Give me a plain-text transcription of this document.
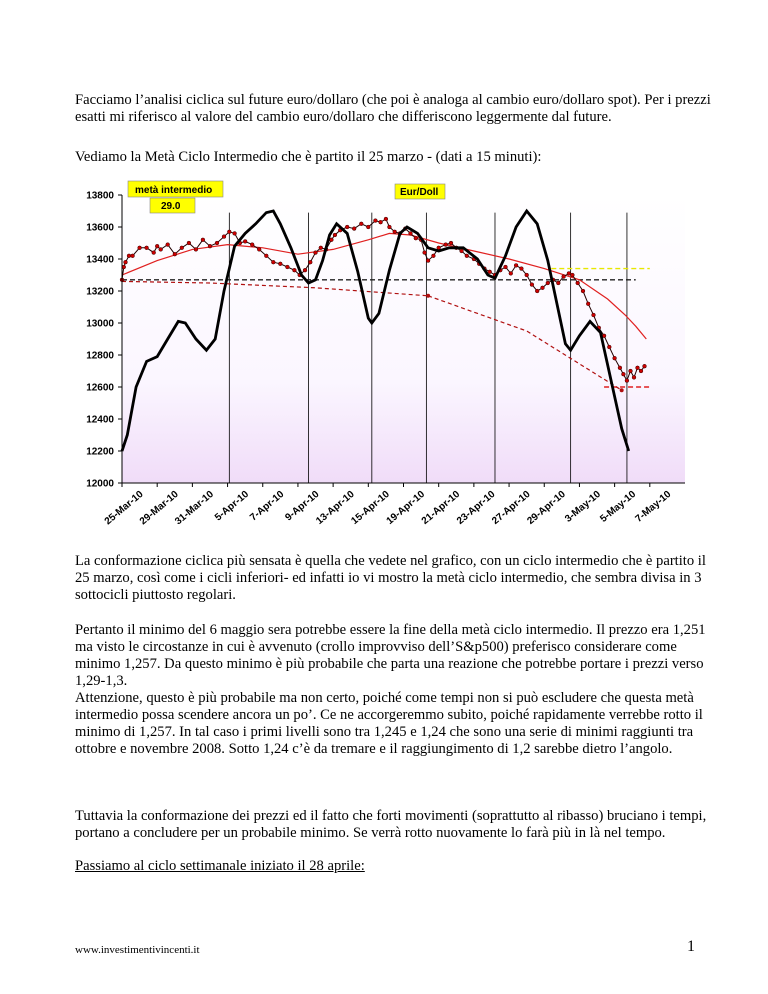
Facciamo l’analisi ciclica sul future euro/dollaro (che poi è analoga al cambio euro/dollaro spot). Per i prezzi esatti mi riferisco al valore del cambio euro/dollaro che differiscono leggermente dal future.

Vediamo la Metà Ciclo Intermedio che è partito il 25 marzo - (dati a 15 minuti):

13800
13600
13400
13200
13000
12800
12600
12400
12200
12000
25-Mar-10
29-Mar-10
31-Mar-10
5-Apr-10
7-Apr-10
9-Apr-10
13-Apr-10
15-Apr-10
19-Apr-10
21-Apr-10
23-Apr-10
27-Apr-10
29-Apr-10
3-May-10
5-May-10
7-May-10
metà intermedio
29.0
Eur/Doll

La conformazione ciclica più sensata è quella che vedete nel grafico, con un ciclo intermedio che è partito il 25 marzo, così come i cicli inferiori- ed infatti io vi mostro la metà ciclo intermedio, che sembra divisa in 3 sottocicli piuttosto regolari.

Pertanto il minimo del 6 maggio sera potrebbe essere la fine della metà ciclo intermedio. Il prezzo era 1,251 ma visto le circostanze in cui è avvenuto (crollo improvviso dell’S&p500) preferisco considerare come minimo 1,257. Da questo minimo è più probabile che parta una reazione che potrebbe portare i prezzi verso 1,29-1,3.
Attenzione, questo è più probabile ma non certo, poiché come tempi non si può escludere che questa metà intermedio possa scendere ancora un po’. Ce ne accorgeremmo subito, poiché rapidamente verrebbe rotto il minimo di 1,257. In tal caso i primi livelli sono tra 1,245 e 1,24 che sono una serie di minimi raggiunti tra ottobre e novembre 2008. Sotto 1,24 c’è da tremare e il raggiungimento di 1,2 sarebbe dietro l’angolo.

Tuttavia la conformazione dei prezzi ed il fatto che forti movimenti (soprattutto al ribasso) bruciano i tempi, portano a concludere per un probabile minimo. Se verrà rotto nuovamente lo farà più in là nel tempo.

Passiamo al ciclo settimanale iniziato il 28 aprile:

www.investimentivincenti.it	1
